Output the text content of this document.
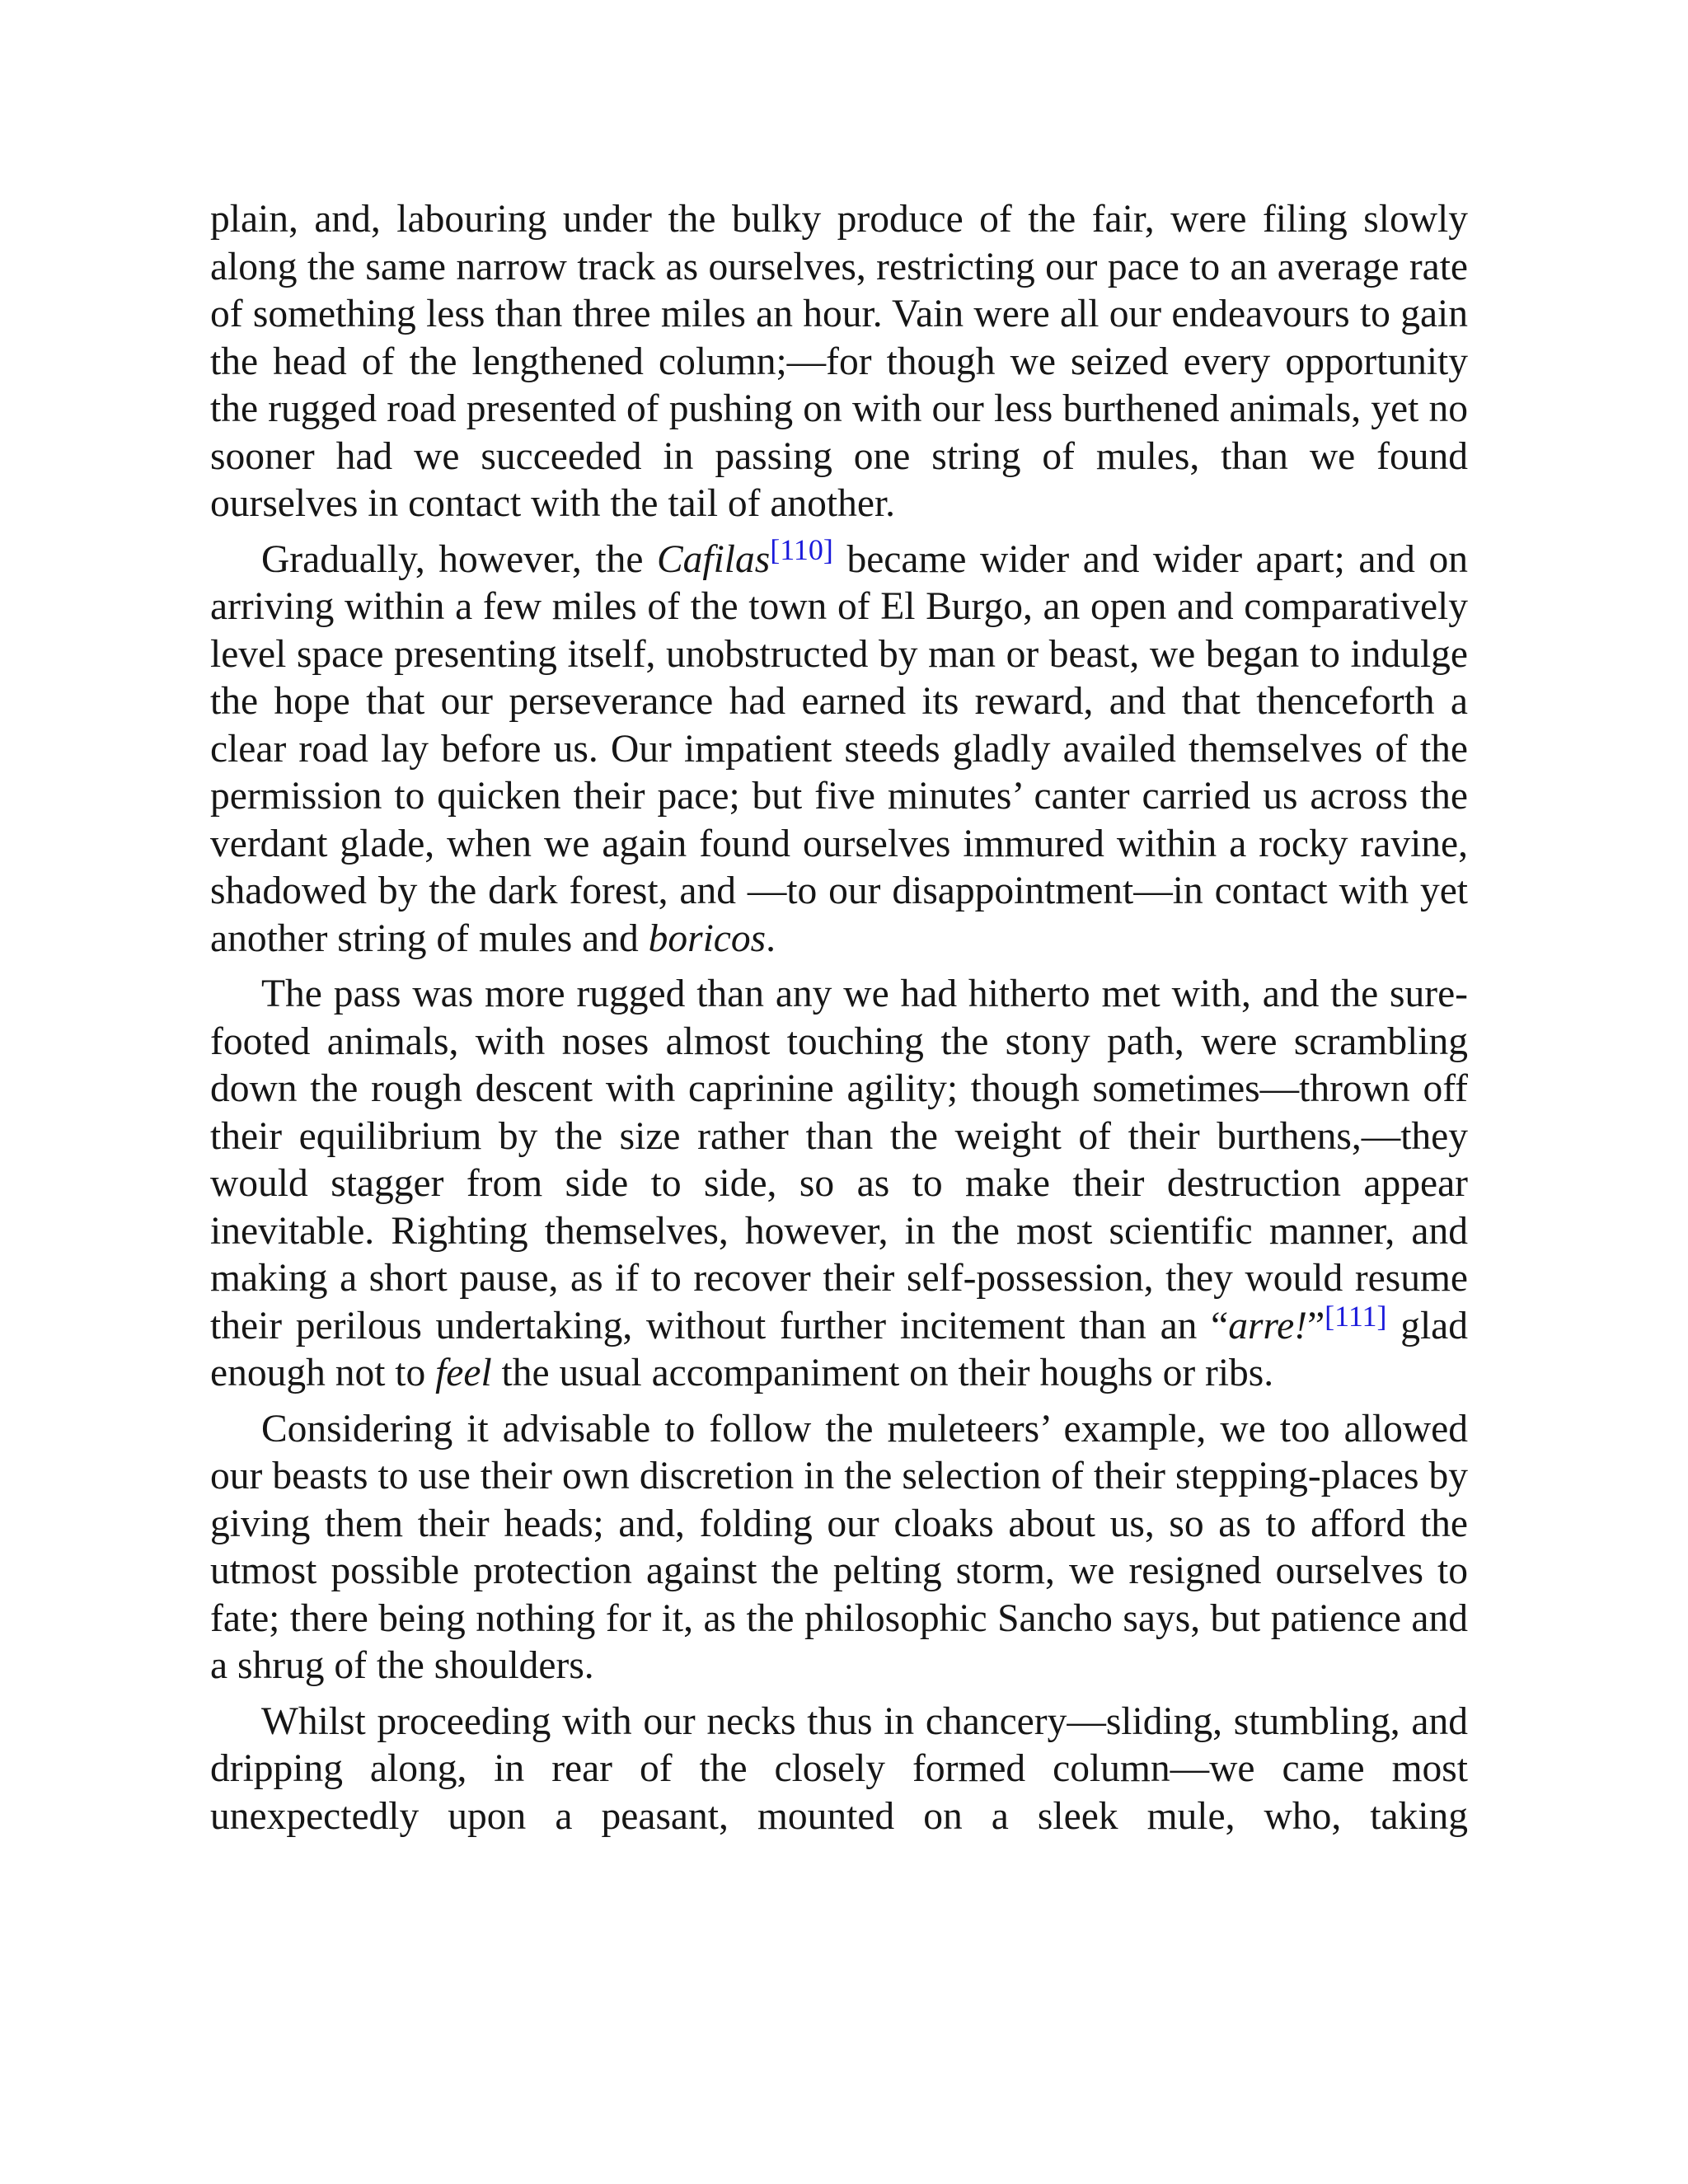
plain, and, labouring under the bulky produce of the fair, were filing slowly along the same narrow track as ourselves, restricting our pace to an average rate of something less than three miles an hour. Vain were all our endeavours to gain the head of the lengthened column;—for though we seized every opportunity the rugged road presented of pushing on with our less burthened animals, yet no sooner had we succeeded in passing one string of mules, than we found ourselves in contact with the tail of another.

Gradually, however, the Cafilas[110] became wider and wider apart; and on arriving within a few miles of the town of El Burgo, an open and comparatively level space presenting itself, unobstructed by man or beast, we began to indulge the hope that our perseverance had earned its reward, and that thenceforth a clear road lay before us. Our impatient steeds gladly availed themselves of the permission to quicken their pace; but five minutes’ canter carried us across the verdant glade, when we again found ourselves immured within a rocky ravine, shadowed by the dark forest, and —to our disappointment—in contact with yet another string of mules and boricos.

The pass was more rugged than any we had hitherto met with, and the sure-footed animals, with noses almost touching the stony path, were scrambling down the rough descent with caprinine agility; though sometimes—thrown off their equilibrium by the size rather than the weight of their burthens,—they would stagger from side to side, so as to make their destruction appear inevitable. Righting themselves, however, in the most scientific manner, and making a short pause, as if to recover their self-possession, they would resume their perilous undertaking, without further incitement than an “arre!”[111] glad enough not to feel the usual accompaniment on their houghs or ribs.

Considering it advisable to follow the muleteers’ example, we too allowed our beasts to use their own discretion in the selection of their stepping-places by giving them their heads; and, folding our cloaks about us, so as to afford the utmost possible protection against the pelting storm, we resigned ourselves to fate; there being nothing for it, as the philosophic Sancho says, but patience and a shrug of the shoulders.

Whilst proceeding with our necks thus in chancery—sliding, stumbling, and dripping along, in rear of the closely formed column—we came most unexpectedly upon a peasant, mounted on a sleek mule, who, taking
